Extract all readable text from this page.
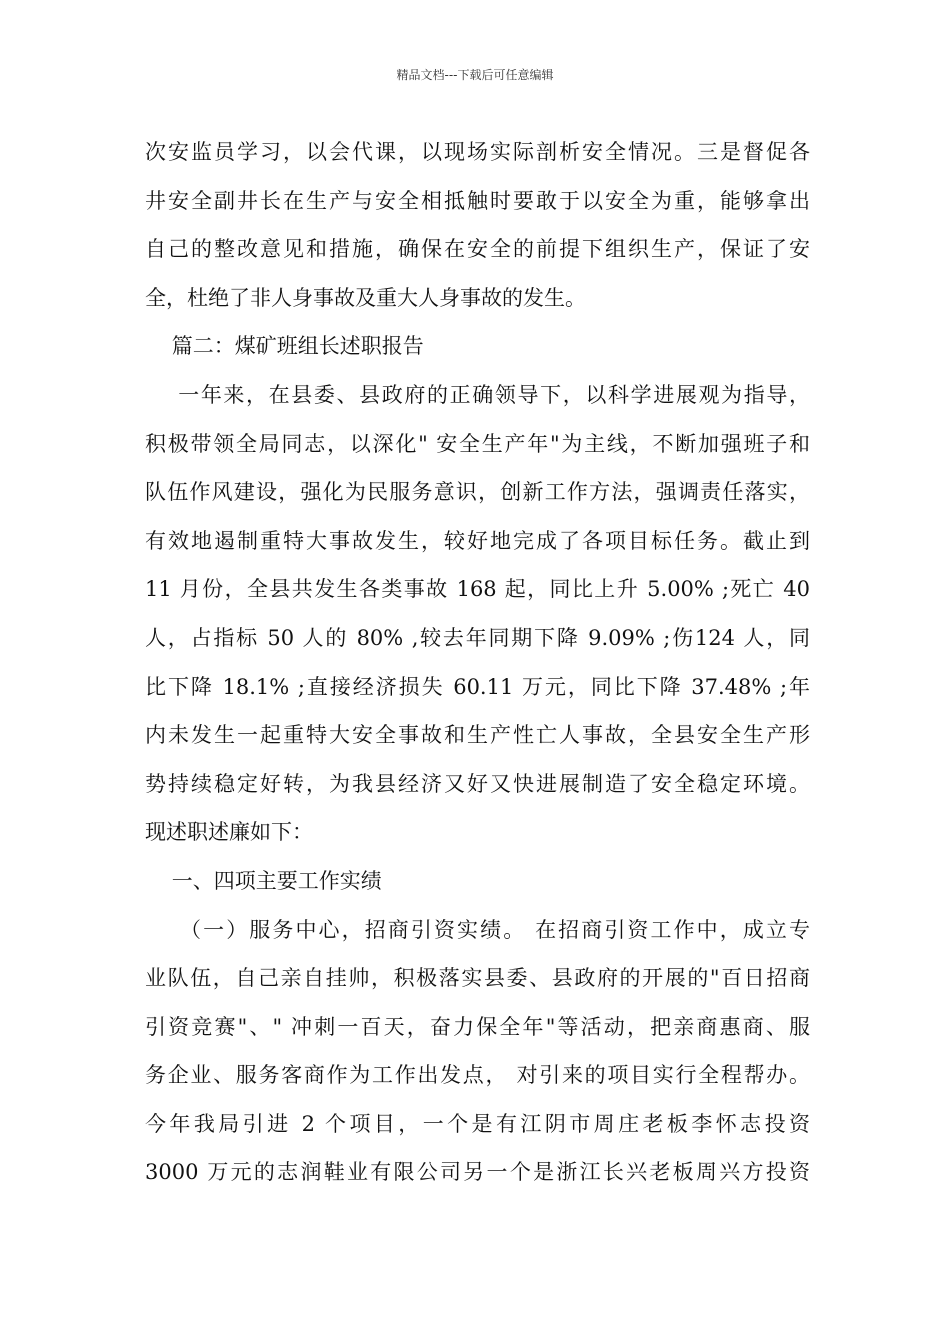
精品文档---下载后可任意编辑
次安监员学习，以会代课，以现场实际剖析安全情况。三是督促各
井安全副井长在生产与安全相抵触时要敢于以安全为重，能够拿出
自己的整改意见和措施，确保在安全的前提下组织生产，保证了安
全，杜绝了非人身事故及重大人身事故的发生。
篇二：煤矿班组长述职报告
一年来，在县委、县政府的正确领导下，以科学进展观为指导，
积极带领全局同志，以深化" 安全生产年"为主线，不断加强班子和
队伍作风建设，强化为民服务意识，创新工作方法，强调责任落实，
有效地遏制重特大事故发生，较好地完成了各项目标任务。截止到
11 月份，全县共发生各类事故 168 起，同比上升 5.00% ;死亡 40
人，占指标 50 人的 80% ,较去年同期下降 9.09% ;伤124 人，同
比下降 18.1% ;直接经济损失 60.11 万元，同比下降 37.48% ;年
内未发生一起重特大安全事故和生产性亡人事故，全县安全生产形
势持续稳定好转，为我县经济又好又快进展制造了安全稳定环境。
现述职述廉如下：
一、四项主要工作实绩
（一）服务中心，招商引资实绩。 在招商引资工作中，成立专
业队伍，自己亲自挂帅，积极落实县委、县政府的开展的"百日招商
引资竞赛"、" 冲刺一百天，奋力保全年"等活动，把亲商惠商、服
务企业、服务客商作为工作出发点， 对引来的项目实行全程帮办。
今年我局引进 2 个项目，一个是有江阴市周庄老板李怀志投资
3000 万元的志润鞋业有限公司另一个是浙江长兴老板周兴方投资
